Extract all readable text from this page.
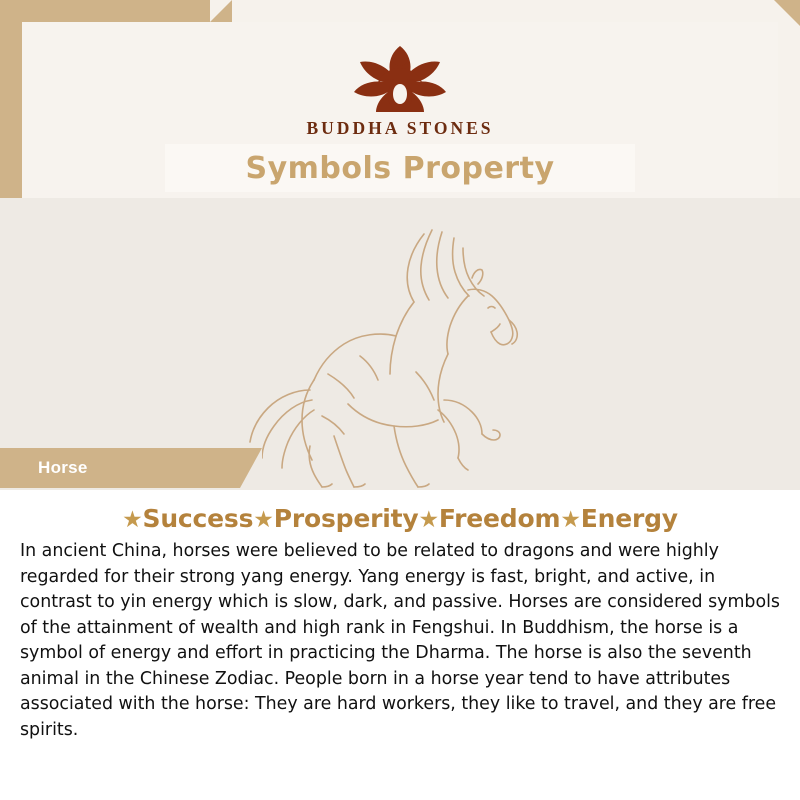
BUDDHA STONES
Symbols Property
Horse
★Success★Prosperity★Freedom★Energy

In ancient China, horses were believed to be related to dragons and were highly regarded for their strong yang energy. Yang energy is fast, bright, and active, in contrast to yin energy which is slow, dark, and passive. Horses are considered symbols of the attainment of wealth and high rank in Fengshui. In Buddhism, the horse is a symbol of energy and effort in practicing the Dharma. The horse is also the seventh animal in the Chinese Zodiac. People born in a horse year tend to have attributes associated with the horse: They are hard workers, they like to travel, and they are free spirits.
